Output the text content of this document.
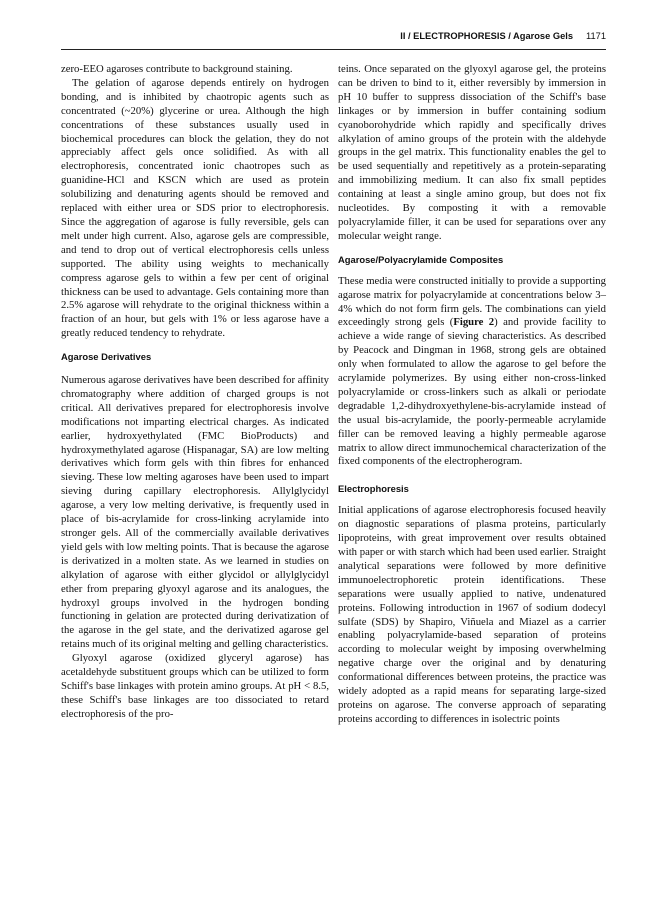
II / ELECTROPHORESIS / Agarose Gels 1171

zero-EEO agaroses contribute to background staining.

The gelation of agarose depends entirely on hydrogen bonding, and is inhibited by chaotropic agents such as concentrated (~20%) glycerine or urea. Although the high concentrations of these substances usually used in biochemical procedures can block the gelation, they do not appreciably affect gels once solidified. As with all electrophoresis, concentrated ionic chaotropes such as guanidine-HCl and KSCN which are used as protein solubilizing and denaturing agents should be removed and replaced with either urea or SDS prior to electrophoresis. Since the aggregation of agarose is fully reversible, gels can melt under high current. Also, agarose gels are compressible, and tend to drop out of vertical electrophoresis cells unless supported. The ability using weights to mechanically compress agarose gels to within a few per cent of original thickness can be used to advantage. Gels containing more than 2.5% agarose will rehydrate to the original thickness within a fraction of an hour, but gels with 1% or less agarose have a greatly reduced tendency to rehydrate.

Agarose Derivatives

Numerous agarose derivatives have been described for affinity chromatography where addition of charged groups is not critical. All derivatives prepared for electrophoresis involve modifications not imparting electrical charges. As indicated earlier, hydroxyethylated (FMC BioProducts) and hydroxymethylated agarose (Hispanagar, SA) are low melting derivatives which form gels with thin fibres for enhanced sieving. These low melting agaroses have been used to impart sieving during capillary electrophoresis. Allylglycidyl agarose, a very low melting derivative, is frequently used in place of bis-acrylamide for cross-linking acrylamide into stronger gels. All of the commercially available derivatives yield gels with low melting points. That is because the agarose is derivatized in a molten state. As we learned in studies on alkylation of agarose with either glycidol or allylglycidyl ether from preparing glyoxyl agarose and its analogues, the hydroxyl groups involved in the hydrogen bonding functioning in gelation are protected during derivatization of the agarose in the gel state, and the derivatized agarose gel retains much of its original melting and gelling characteristics.

Glyoxyl agarose (oxidized glyceryl agarose) has acetaldehyde substituent groups which can be utilized to form Schiff's base linkages with protein amino groups. At pH < 8.5, these Schiff's base linkages are too dissociated to retard electrophoresis of the pro-

teins. Once separated on the glyoxyl agarose gel, the proteins can be driven to bind to it, either reversibly by immersion in pH 10 buffer to suppress dissociation of the Schiff's base linkages or by immersion in buffer containing sodium cyanoborohydride which rapidly and specifically drives alkylation of amino groups of the protein with the aldehyde groups in the gel matrix. This functionality enables the gel to be used sequentially and repetitively as a protein-separating and immobilizing medium. It can also fix small peptides containing at least a single amino group, but does not fix nucleotides. By composting it with a removable polyacrylamide filler, it can be used for separations over any molecular weight range.

Agarose/Polyacrylamide Composites

These media were constructed initially to provide a supporting agarose matrix for polyacrylamide at concentrations below 3–4% which do not form firm gels. The combinations can yield exceedingly strong gels (Figure 2) and provide facility to achieve a wide range of sieving characteristics. As described by Peacock and Dingman in 1968, strong gels are obtained only when formulated to allow the agarose to gel before the acrylamide polymerizes. By using either non-cross-linked polyacrylamide or cross-linkers such as alkali or periodate degradable 1,2-dihydroxyethylene-bis-acrylamide instead of the usual bis-acrylamide, the poorly-permeable acrylamide filler can be removed leaving a highly permeable agarose matrix to allow direct immunochemical characterization of the fixed components of the electropherogram.

Electrophoresis

Initial applications of agarose electrophoresis focused heavily on diagnostic separations of plasma proteins, particularly lipoproteins, with great improvement over results obtained with paper or with starch which had been used earlier. Straight analytical separations were followed by more definitive immunoelectrophoretic protein identifications. These separations were usually applied to native, undenatured proteins. Following introduction in 1967 of sodium dodecyl sulfate (SDS) by Shapiro, Viñuela and Miazel as a carrier enabling polyacrylamide-based separation of proteins according to molecular weight by imposing overwhelming negative charge over the original and by denaturing conformational differences between proteins, the practice was widely adopted as a rapid means for separating large-sized proteins on agarose. The converse approach of separating proteins according to differences in isolectric points
